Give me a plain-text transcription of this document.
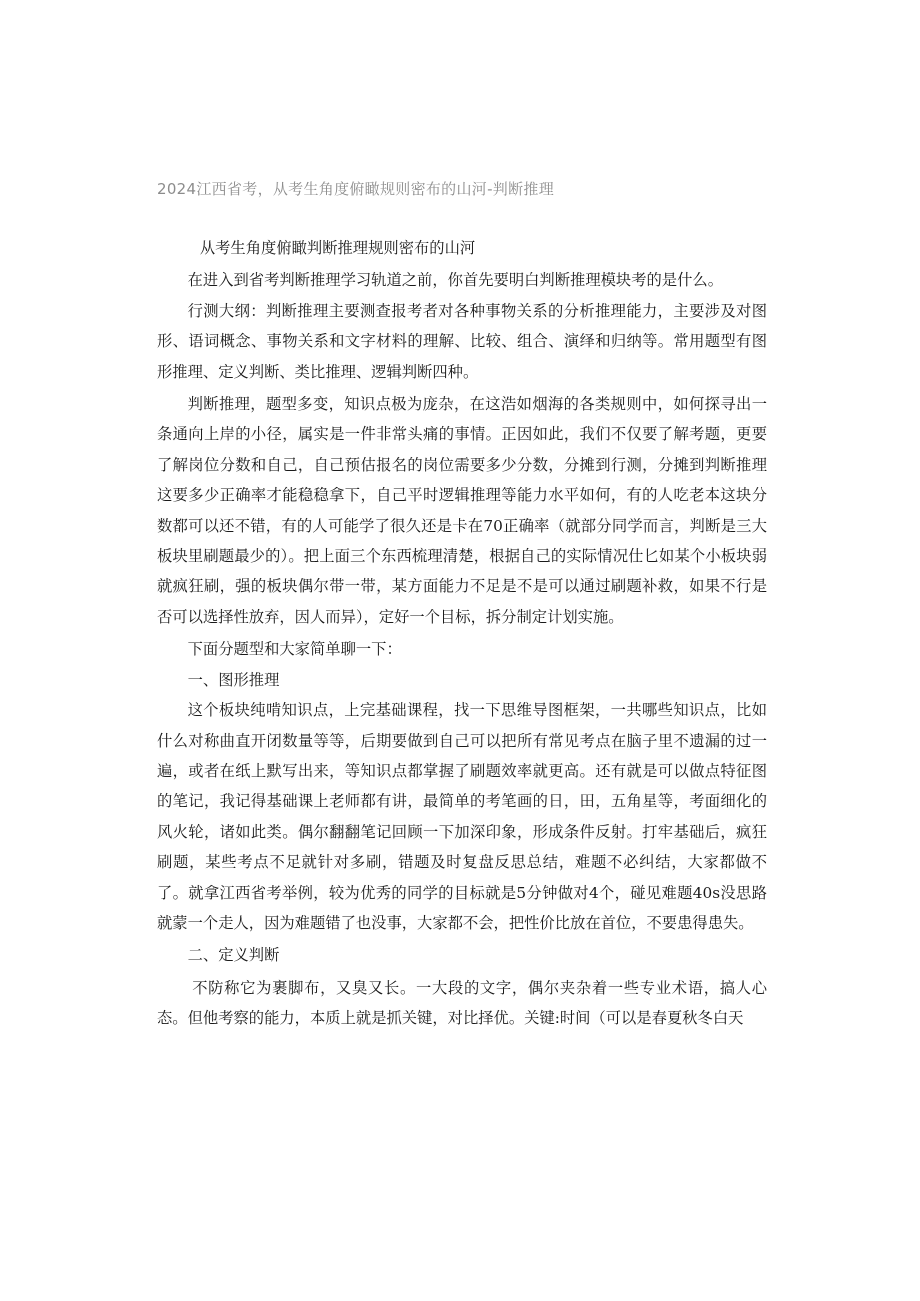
2024江西省考，从考生角度俯瞰规则密布的山河-判断推理

从考生角度俯瞰判断推理规则密布的山河

在进入到省考判断推理学习轨道之前，你首先要明白判断推理模块考的是什么。

行测大纲：判断推理主要测查报考者对各种事物关系的分析推理能力，主要涉及对图形、语词概念、事物关系和文字材料的理解、比较、组合、演绎和归纳等。常用题型有图形推理、定义判断、类比推理、逻辑判断四种。

判断推理，题型多变，知识点极为庞杂，在这浩如烟海的各类规则中，如何探寻出一条通向上岸的小径，属实是一件非常头痛的事情。正因如此，我们不仅要了解考题，更要了解岗位分数和自己，自己预估报名的岗位需要多少分数，分摊到行测，分摊到判断推理这要多少正确率才能稳稳拿下，自己平时逻辑推理等能力水平如何，有的人吃老本这块分数都可以还不错，有的人可能学了很久还是卡在70正确率（就部分同学而言，判断是三大板块里刷题最少的）。把上面三个东西梳理清楚，根据自己的实际情况仕匕如某个小板块弱就疯狂刷，强的板块偶尔带一带，某方面能力不足是不是可以通过刷题补救，如果不行是否可以选择性放弃，因人而异），定好一个目标，拆分制定计划实施。

下面分题型和大家简单聊一下：

一、图形推理

这个板块纯啃知识点，上完基础课程，找一下思维导图框架，一共哪些知识点，比如什么对称曲直开闭数量等等，后期要做到自己可以把所有常见考点在脑子里不遗漏的过一遍，或者在纸上默写出来，等知识点都掌握了刷题效率就更高。还有就是可以做点特征图的笔记，我记得基础课上老师都有讲，最简单的考笔画的日，田，五角星等，考面细化的风火轮，诸如此类。偶尔翻翻笔记回顾一下加深印象，形成条件反射。打牢基础后，疯狂刷题，某些考点不足就针对多刷，错题及时复盘反思总结，难题不必纠结，大家都做不了。就拿江西省考举例，较为优秀的同学的目标就是5分钟做对4个，碰见难题40s没思路就蒙一个走人，因为难题错了也没事，大家都不会，把性价比放在首位，不要患得患失。

二、定义判断

不防称它为裹脚布，又臭又长。一大段的文字，偶尔夹杂着一些专业术语，搞人心态。但他考察的能力，本质上就是抓关键，对比择优。关键:时间（可以是春夏秋冬白天
